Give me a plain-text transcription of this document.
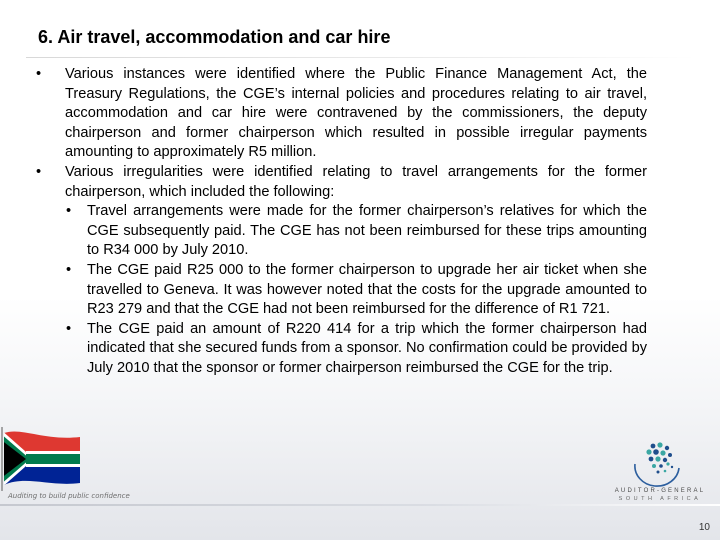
6. Air travel, accommodation and car hire
• Various instances were identified where the Public Finance Management Act, the Treasury Regulations, the CGE’s internal policies and procedures relating to air travel, accommodation and car hire were contravened by the commissioners, the deputy chairperson and former chairperson which resulted in possible irregular payments amounting to approximately R5 million.
• Various irregularities were identified relating to travel arrangements for the former chairperson, which included the following:
• Travel arrangements were made for the former chairperson’s relatives for which the CGE subsequently paid. The CGE has not been reimbursed for these trips amounting to R34 000 by July 2010.
• The CGE paid R25 000 to the former chairperson to upgrade her air ticket when she travelled to Geneva. It was however noted that the costs for the upgrade amounted to R23 279 and that the CGE had not been reimbursed for the difference of R1 721.
• The CGE paid an amount of R220 414 for a trip which the former chairperson had indicated that she secured funds from a sponsor. No confirmation could be provided by July 2010 that the sponsor or former chairperson reimbursed the CGE for the trip.
Auditing to build public confidence
AUDITOR-GENERAL
SOUTH AFRICA
10
